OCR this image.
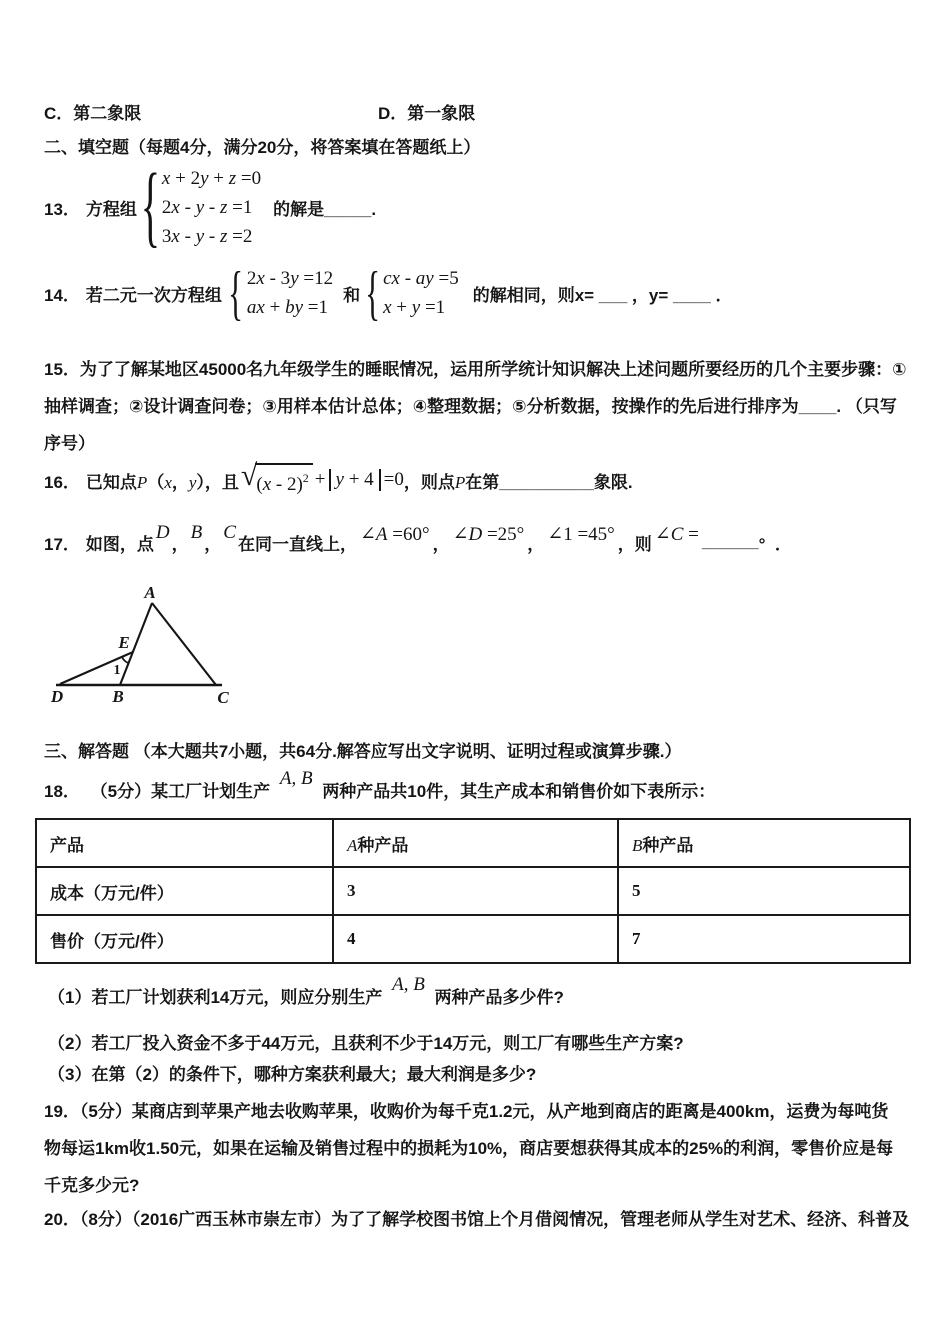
C．第二象限	D．第一象限
二、填空题（每题4分，满分20分，将答案填在答题纸上）
13． 方程组 { x + 2y + z =0
2x - y - z =1
3x - y - z =2
的解是_____.
14． 若二元一次方程组 { 2x - 3y =12
ax + by =1
和 { cx - ay =5
x + y =1
的解相同，则x= ___ ，y= ____ ．
15．为了了解某地区45000名九年级学生的睡眠情况，运用所学统计知识解决上述问题所要经历的几个主要步骤：①
抽样调查；②设计调查问卷；③用样本估计总体；④整理数据；⑤分析数据，按操作的先后进行排序为____. （只写
序号）
16． 已知点P（x，y），且 √ (x - 2)$^2$ + y + 4 =0 ，则点P在第__________象限.
17． 如图，点
D
，
B
，
C
在同一直线上， ∠A =60° ， ∠D =25° ， ∠1 =45° ，则 ∠C = ______ °  ．
A
E
D	B	C
1
三、解答题 （本大题共7小题，共64分.解答应写出文字说明、证明过程或演算步骤.）
18． （5分）某工厂计划生产 A, B 两种产品共10件，其生产成本和销售价如下表所示：
产品	A种产品	B种产品
成本（万元/件）	3	5
售价（万元/件）	4	7
（1）若工厂计划获利14万元，则应分别生产 A, B 两种产品多少件?
（2）若工厂投入资金不多于44万元，且获利不少于14万元，则工厂有哪些生产方案?
（3）在第（2）的条件下，哪种方案获利最大；最大利润是多少?
19．（5分）某商店到苹果产地去收购苹果，收购价为每千克1.2元，从产地到商店的距离是400km，运费为每吨货
物每运1km收1.50元，如果在运输及销售过程中的损耗为10%，商店要想获得其成本的25%的利润，零售价应是每
千克多少元?
20．（8分）（2016广西玉林市崇左市）为了了解学校图书馆上个月借阅情况，管理老师从学生对艺术、经济、科普及
